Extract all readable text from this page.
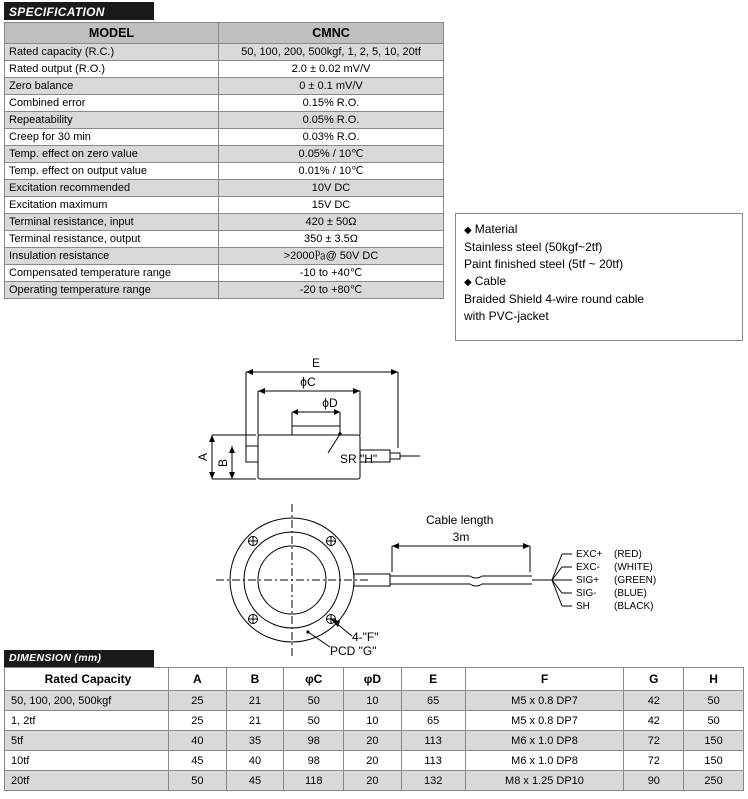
SPECIFICATION
MODEL	CMNC
Rated capacity (R.C.)	50, 100, 200, 500kgf, 1, 2, 5, 10, 20tf
Rated output (R.O.)	2.0 ± 0.02 mV/V
Zero balance	0 ± 0.1 mV/V
Combined error	0.15% R.O.
Repeatability	0.05% R.O.
Creep for 30 min	0.03% R.O.
Temp. effect on zero value	0.05% / 10℃
Temp. effect on output value	0.01% / 10℃
Excitation recommended	10V DC
Excitation maximum	15V DC
Terminal resistance, input	420 ± 50Ω
Terminal resistance, output	350 ± 3.5Ω
Insulation resistance	>2000㎩@ 50V DC
Compensated temperature range	-10 to +40℃
Operating temperature range	-20 to +80℃
◆ Material
Stainless steel (50kgf~2tf)
Paint finished steel (5tf ~ 20tf)
◆ Cable
Braided Shield 4-wire round cable
with PVC-jacket
E
ϕC
ϕD
SR "H"
Cable length
3m
4-"F"
PCD "G"
A
B
EXC+ (RED)
EXC- (WHITE)
SIG+ (GREEN)
SIG- (BLUE)
SH (BLACK)
DIMENSION (mm)
Rated Capacity	A	B	φC	φD	E	F	G	H
50, 100, 200, 500kgf	25	21	50	10	65	M5 x 0.8 DP7	42	50
1, 2tf	25	21	50	10	65	M5 x 0.8 DP7	42	50
5tf	40	35	98	20	113	M6 x 1.0 DP8	72	150
10tf	45	40	98	20	113	M6 x 1.0 DP8	72	150
20tf	50	45	118	20	132	M8 x 1.25 DP10	90	250
